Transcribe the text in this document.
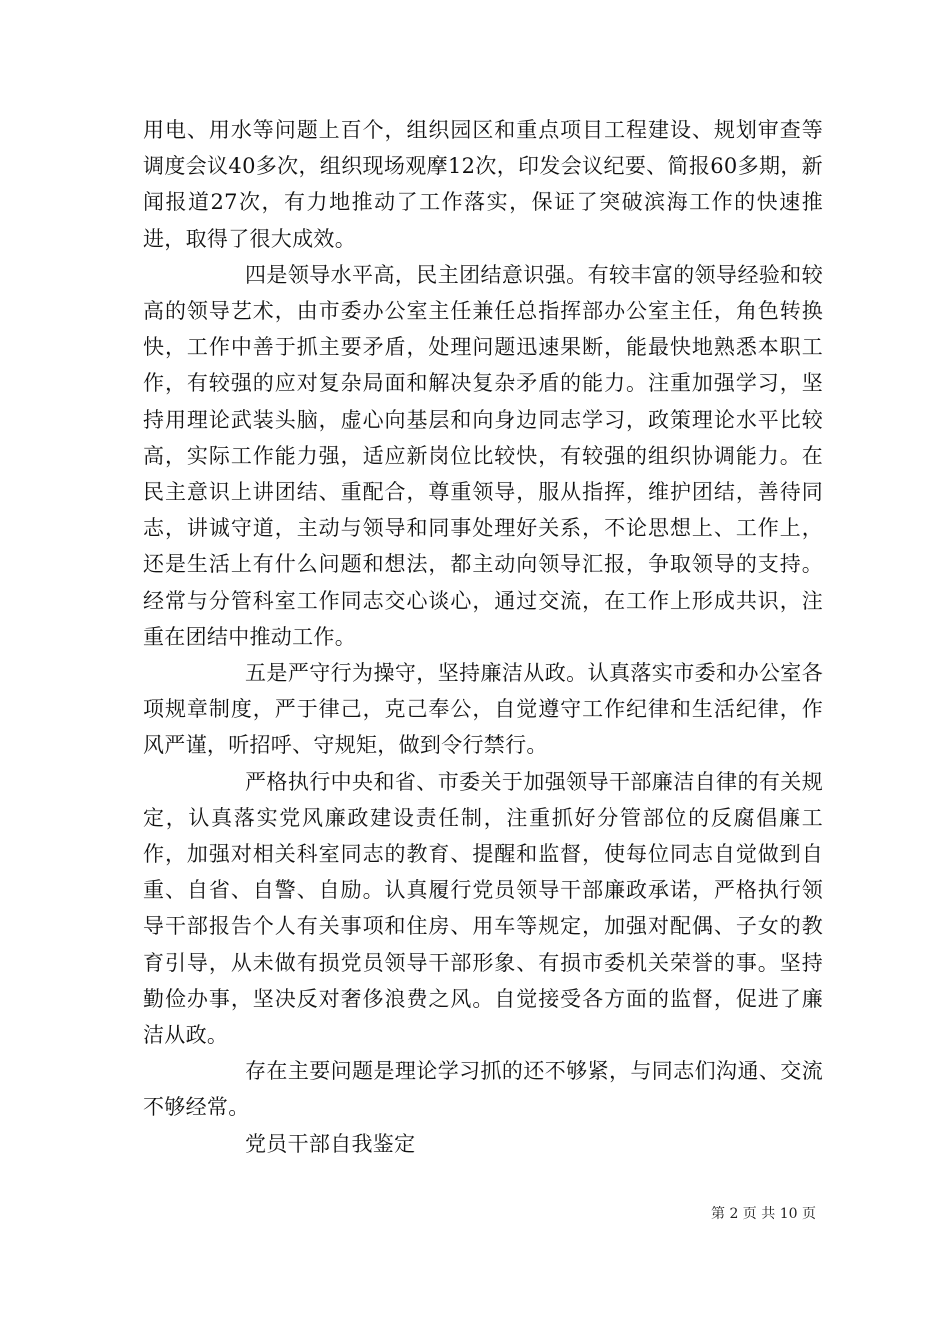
用电、用水等问题上百个，组织园区和重点项目工程建设、规划审查等调度会议40多次，组织现场观摩12次，印发会议纪要、简报60多期，新闻报道27次，有力地推动了工作落实，保证了突破滨海工作的快速推进，取得了很大成效。

四是领导水平高，民主团结意识强。有较丰富的领导经验和较高的领导艺术，由市委办公室主任兼任总指挥部办公室主任，角色转换快，工作中善于抓主要矛盾，处理问题迅速果断，能最快地熟悉本职工作，有较强的应对复杂局面和解决复杂矛盾的能力。注重加强学习，坚持用理论武装头脑，虚心向基层和向身边同志学习，政策理论水平比较高，实际工作能力强，适应新岗位比较快，有较强的组织协调能力。在民主意识上讲团结、重配合，尊重领导，服从指挥，维护团结，善待同志，讲诚守道，主动与领导和同事处理好关系，不论思想上、工作上，还是生活上有什么问题和想法，都主动向领导汇报，争取领导的支持。经常与分管科室工作同志交心谈心，通过交流，在工作上形成共识，注重在团结中推动工作。

五是严守行为操守，坚持廉洁从政。认真落实市委和办公室各项规章制度，严于律己，克己奉公，自觉遵守工作纪律和生活纪律，作风严谨，听招呼、守规矩，做到令行禁行。

严格执行中央和省、市委关于加强领导干部廉洁自律的有关规定，认真落实党风廉政建设责任制，注重抓好分管部位的反腐倡廉工作，加强对相关科室同志的教育、提醒和监督，使每位同志自觉做到自重、自省、自警、自励。认真履行党员领导干部廉政承诺，严格执行领导干部报告个人有关事项和住房、用车等规定，加强对配偶、子女的教育引导，从未做有损党员领导干部形象、有损市委机关荣誉的事。坚持勤俭办事，坚决反对奢侈浪费之风。自觉接受各方面的监督，促进了廉洁从政。

存在主要问题是理论学习抓的还不够紧，与同志们沟通、交流不够经常。

党员干部自我鉴定

第 2 页 共 10 页
